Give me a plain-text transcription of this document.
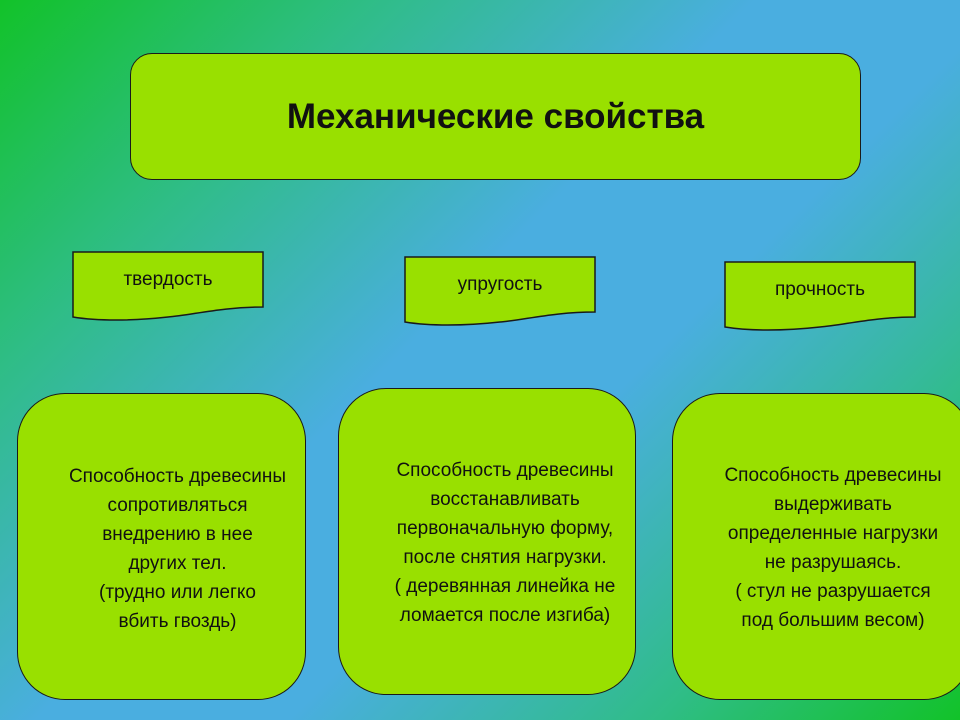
Механические свойства
твердость	упругость	прочность
Способность древесины
сопротивляться
внедрению в нее
других тел.
(трудно или легко
вбить гвоздь)
Способность древесины
восстанавливать
первоначальную форму,
после снятия нагрузки.
( деревянная линейка не
ломается после изгиба)
Способность древесины
выдерживать
определенные нагрузки
не разрушаясь.
( стул не разрушается
под большим весом)
